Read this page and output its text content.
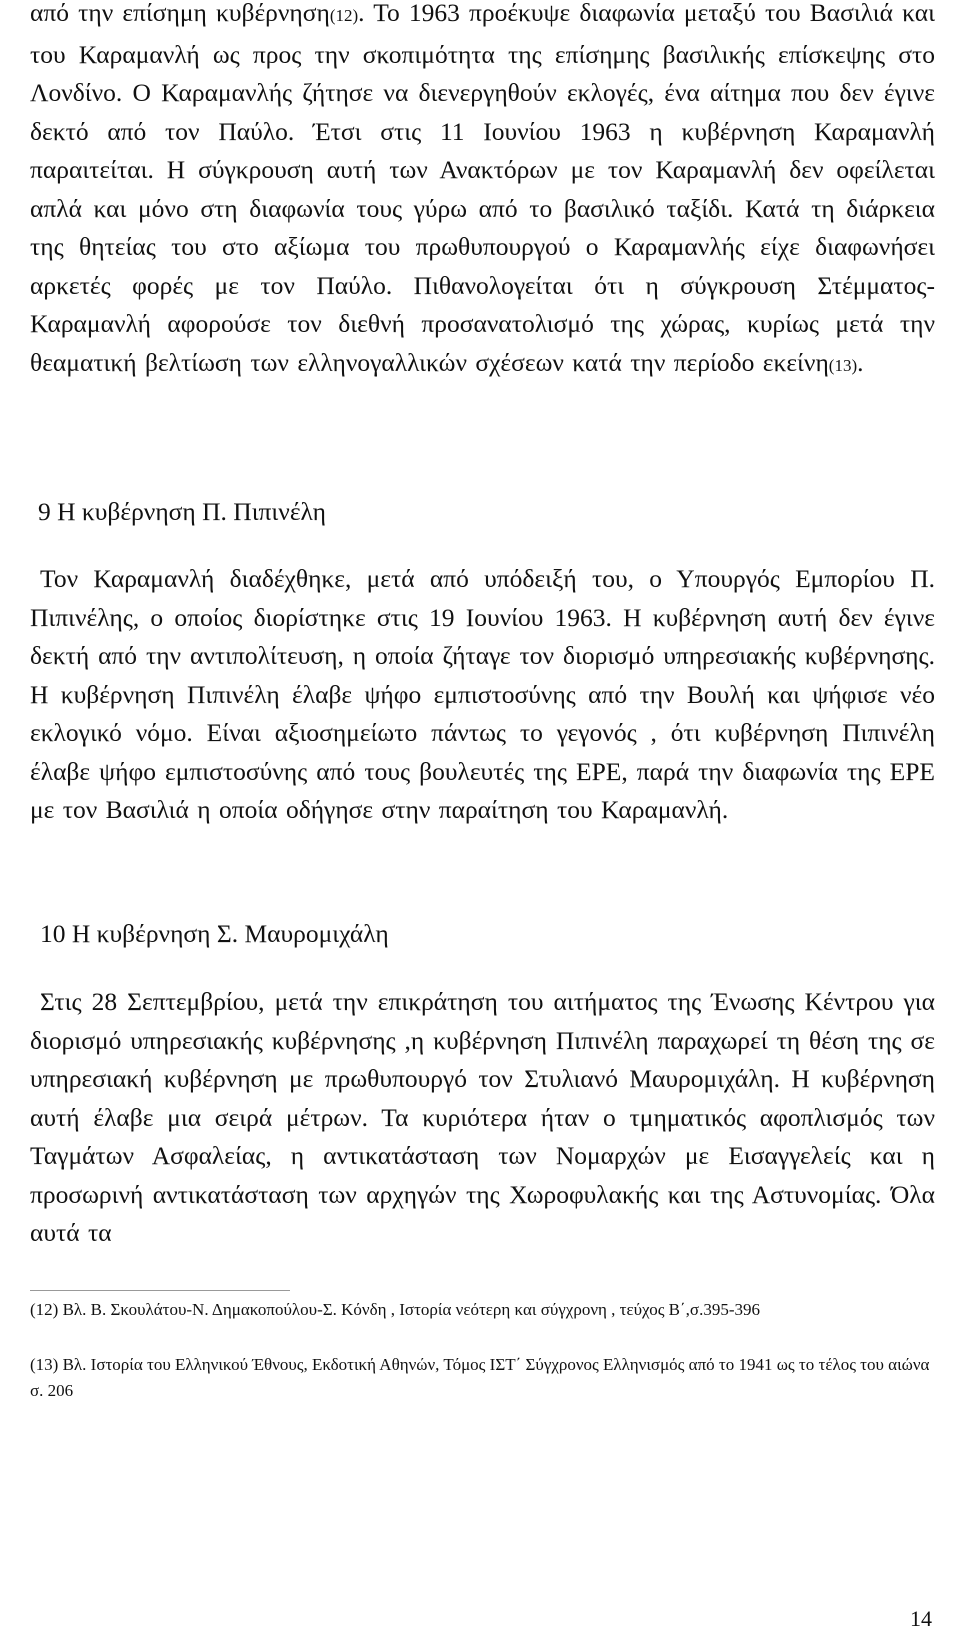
από την επίσημη κυβέρνηση(12). Το 1963 προέκυψε διαφωνία μεταξύ του Βασιλιά και του Καραμανλή ως προς την σκοπιμότητα της επίσημης βασιλικής επίσκεψης στο Λονδίνο. Ο Καραμανλής ζήτησε να διενεργηθούν εκλογές, ένα αίτημα που δεν έγινε δεκτό από τον Παύλο. Έτσι στις 11 Ιουνίου 1963 η κυβέρνηση Καραμανλή παραιτείται. Η σύγκρουση αυτή των Ανακτόρων με τον Καραμανλή δεν οφείλεται απλά και μόνο στη διαφωνία τους γύρω από το βασιλικό ταξίδι. Κατά τη διάρκεια της θητείας του στο αξίωμα του πρωθυπουργού ο Καραμανλής είχε διαφωνήσει αρκετές φορές με τον Παύλο. Πιθανολογείται ότι η σύγκρουση Στέμματος-Καραμανλή αφορούσε τον διεθνή προσανατολισμό της χώρας, κυρίως μετά την θεαματική βελτίωση των ελληνογαλλικών σχέσεων κατά την περίοδο εκείνη(13).

9 Η κυβέρνηση Π. Πιπινέλη

Τον Καραμανλή διαδέχθηκε, μετά από υπόδειξή του, ο Υπουργός Εμπορίου Π. Πιπινέλης, ο οποίος διορίστηκε στις 19 Ιουνίου 1963. Η κυβέρνηση αυτή δεν έγινε δεκτή από την αντιπολίτευση, η οποία ζήταγε τον διορισμό υπηρεσιακής κυβέρνησης. Η κυβέρνηση Πιπινέλη έλαβε ψήφο εμπιστοσύνης από την Βουλή και ψήφισε νέο εκλογικό νόμο. Είναι αξιοσημείωτο πάντως το γεγονός , ότι κυβέρνηση Πιπινέλη έλαβε ψήφο εμπιστοσύνης από τους βουλευτές της ΕΡΕ, παρά την διαφωνία της ΕΡΕ με τον Βασιλιά η οποία οδήγησε στην παραίτηση του Καραμανλή.

10 Η κυβέρνηση Σ. Μαυρομιχάλη

Στις 28 Σεπτεμβρίου, μετά την επικράτηση του αιτήματος της Ένωσης Κέντρου για διορισμό υπηρεσιακής κυβέρνησης ,η κυβέρνηση Πιπινέλη παραχωρεί τη θέση της σε υπηρεσιακή κυβέρνηση με πρωθυπουργό τον Στυλιανό Μαυρομιχάλη. Η κυβέρνηση αυτή έλαβε μια σειρά μέτρων. Τα κυριότερα ήταν ο τμηματικός αφοπλισμός των Ταγμάτων Ασφαλείας, η αντικατάσταση των Νομαρχών με Εισαγγελείς και η προσωρινή αντικατάσταση των αρχηγών της Χωροφυλακής και της Αστυνομίας. Όλα αυτά τα

(12) Βλ. Β. Σκουλάτου-Ν. Δημακοπούλου-Σ. Κόνδη , Ιστορία νεότερη και σύγχρονη , τεύχος Β΄,σ.395-396

(13) Βλ. Ιστορία του Ελληνικού Έθνους, Εκδοτική Αθηνών, Τόμος ΙΣΤ΄ Σύγχρονος Ελληνισμός από το 1941 ως το τέλος του αιώνα σ. 206

14
